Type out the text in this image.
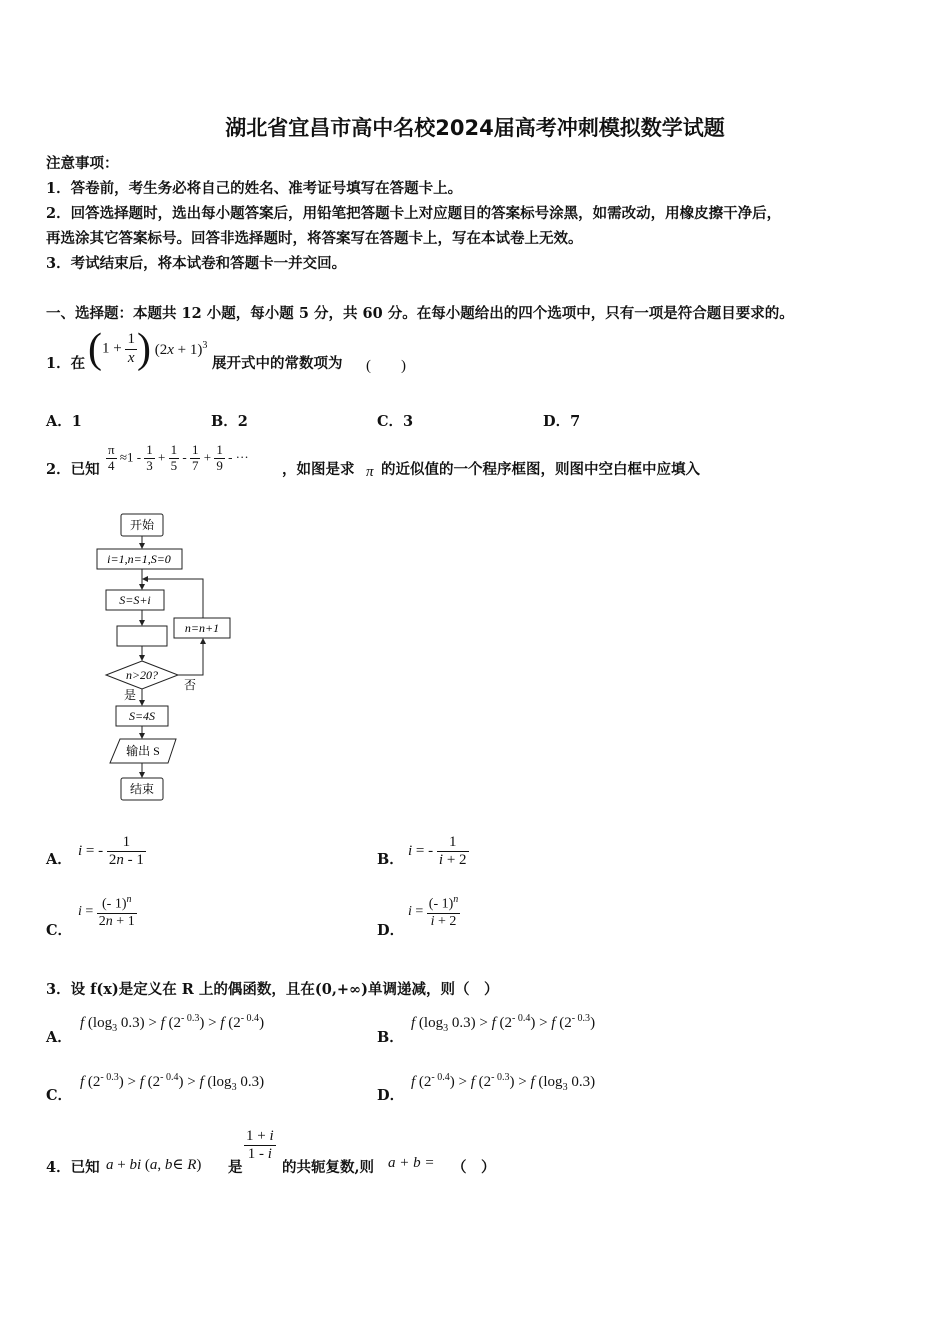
湖北省宜昌市高中名校2024届高考冲刺模拟数学试题
注意事项：
1．答卷前，考生务必将自己的姓名、准考证号填写在答题卡上。
2．回答选择题时，选出每小题答案后，用铅笔把答题卡上对应题目的答案标号涂黑，如需改动，用橡皮擦干净后，
再选涂其它答案标号。回答非选择题时，将答案写在答题卡上，写在本试卷上无效。
3．考试结束后，将本试卷和答题卡一并交回。
一、选择题：本题共 12 小题，每小题 5 分，共 60 分。在每小题给出的四个选项中，只有一项是符合题目要求的。
1．在 ($1 + \frac{1}{x}$ ) $(2x + 1)^3$
展开式中的常数项为 (　　)
A．1	B．2	C．3	D．7
2．已知 $\frac{\pi}{4} \approx 1 - \frac{1}{3} + \frac{1}{5} - \frac{1}{7} + \frac{1}{9}$ - ···
，如图是求 π 的近似值的一个程序框图，则图中空白框中应填入
开始
i=1,n=1,S=0
S=S+i
n=n+1
n>20?
是
否
S=4S
输出 S
结束
A． i = - $\frac{1}{2n - 1}$	B． i = - $\frac{1}{i + 2}$
C．
$i = \frac{(- 1)^n}{2n + 1}$
D．
$i = \frac{(- 1)^n}{i + 2}$
3．设 f(x)是定义在 R 上的偶函数，且在(0,+∞)单调递减，则（　）
A．
f ($\log_3$ 0.3) > f $(2^{- 0.3}) > f$ $(2^{- 0.4})$
B．
f ($\log_3$ 0.3) > f $(2^{- 0.4}) > f$ $(2^{- 0.3})$
C．
f $(2^{- 0.3}) > f$ $(2^{- 0.4}) > f$ ($\log_3$ 0.3)
D．
f $(2^{- 0.4}) > f$ $(2^{- 0.3}) > f$ ($\log_3$ 0.3)
4．已知 a + bi (a, b∈ R) 是
$\frac{1 + i}{1 - i}$
的共轭复数,则 a + b = （　）
